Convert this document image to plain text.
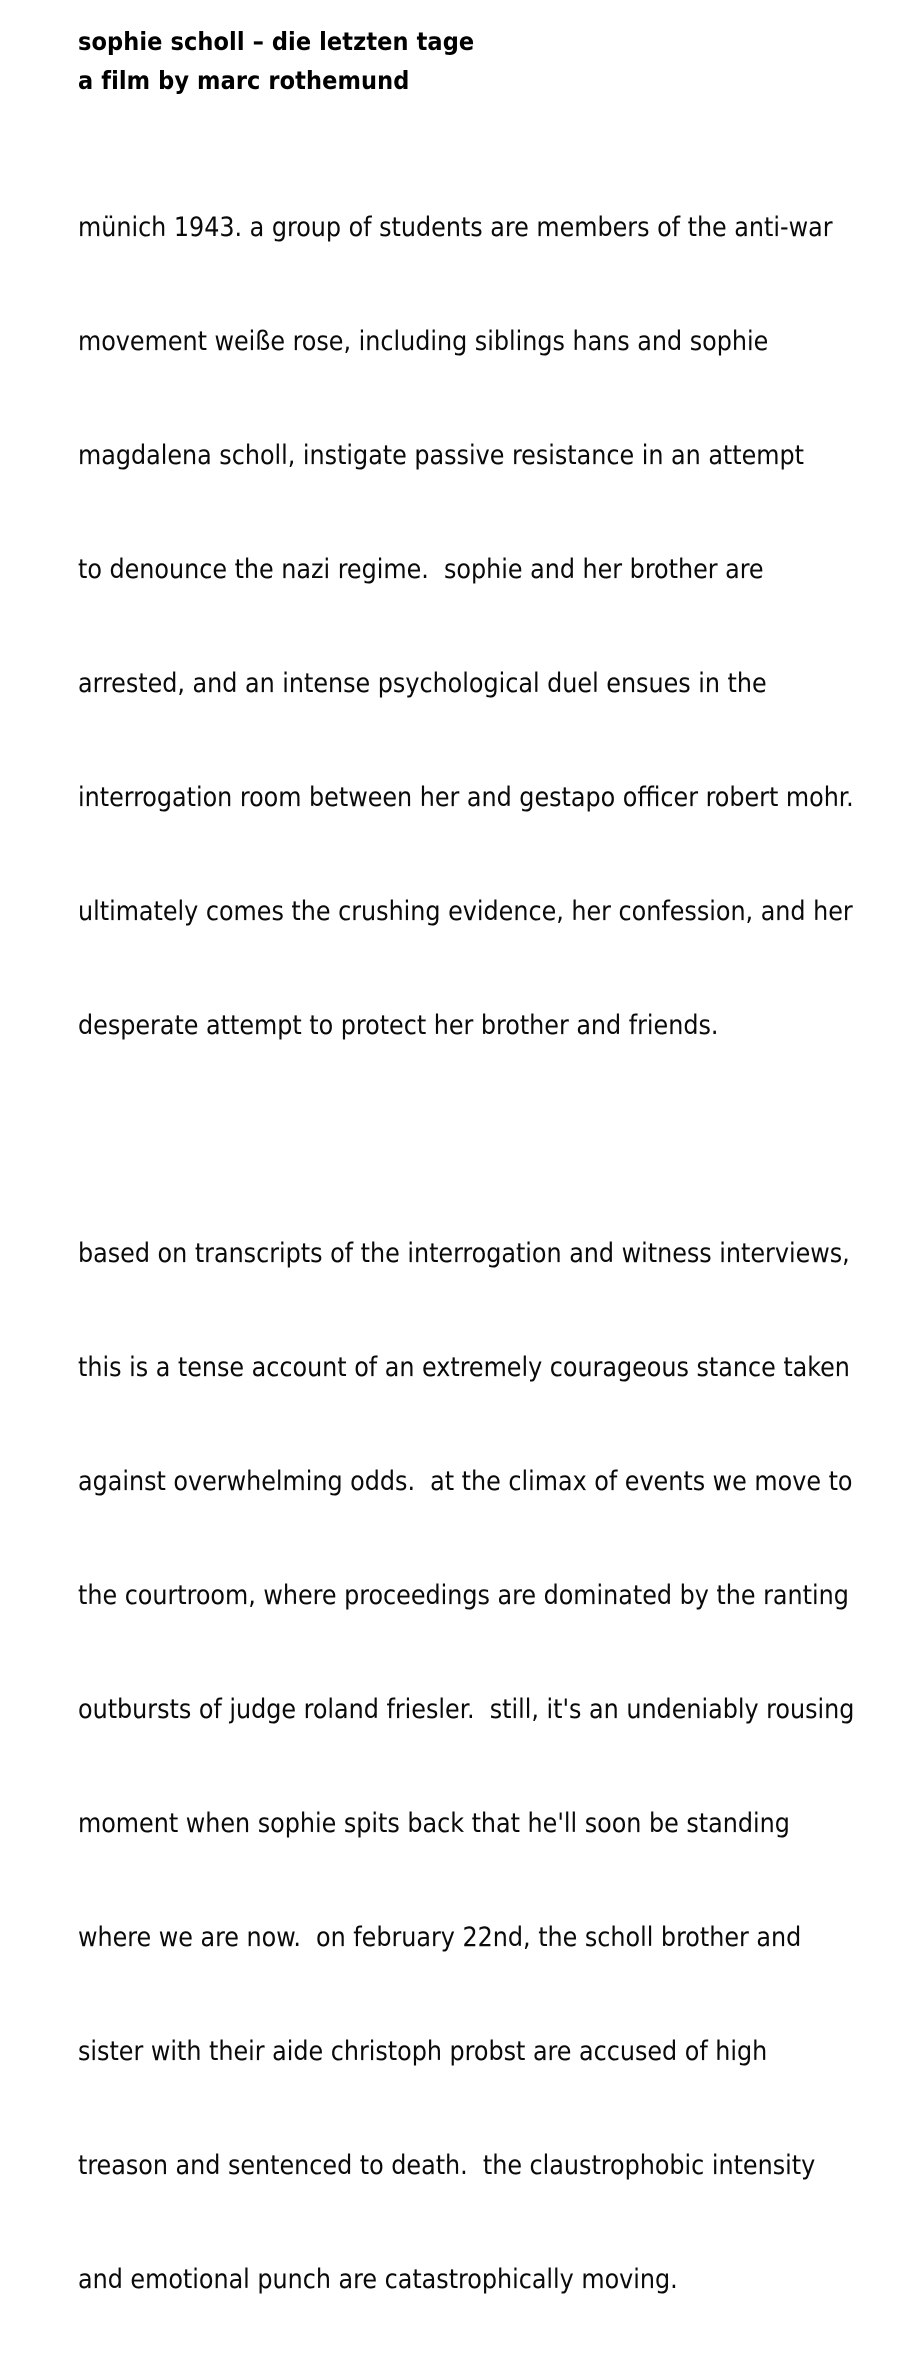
sophie scholl – die letzten tage
a film by marc rothemund

münich 1943. a group of students are members of the anti-war

movement weiße rose, including siblings hans and sophie

magdalena scholl, instigate passive resistance in an attempt

to denounce the nazi regime.  sophie and her brother are

arrested, and an intense psychological duel ensues in the

interrogation room between her and gestapo officer robert mohr.

ultimately comes the crushing evidence, her confession, and her

desperate attempt to protect her brother and friends.

based on transcripts of the interrogation and witness interviews,

this is a tense account of an extremely courageous stance taken

against overwhelming odds.  at the climax of events we move to

the courtroom, where proceedings are dominated by the ranting

outbursts of judge roland friesler.  still, it's an undeniably rousing

moment when sophie spits back that he'll soon be standing

where we are now.  on february 22nd, the scholl brother and

sister with their aide christoph probst are accused of high

treason and sentenced to death.  the claustrophobic intensity

and emotional punch are catastrophically moving.
